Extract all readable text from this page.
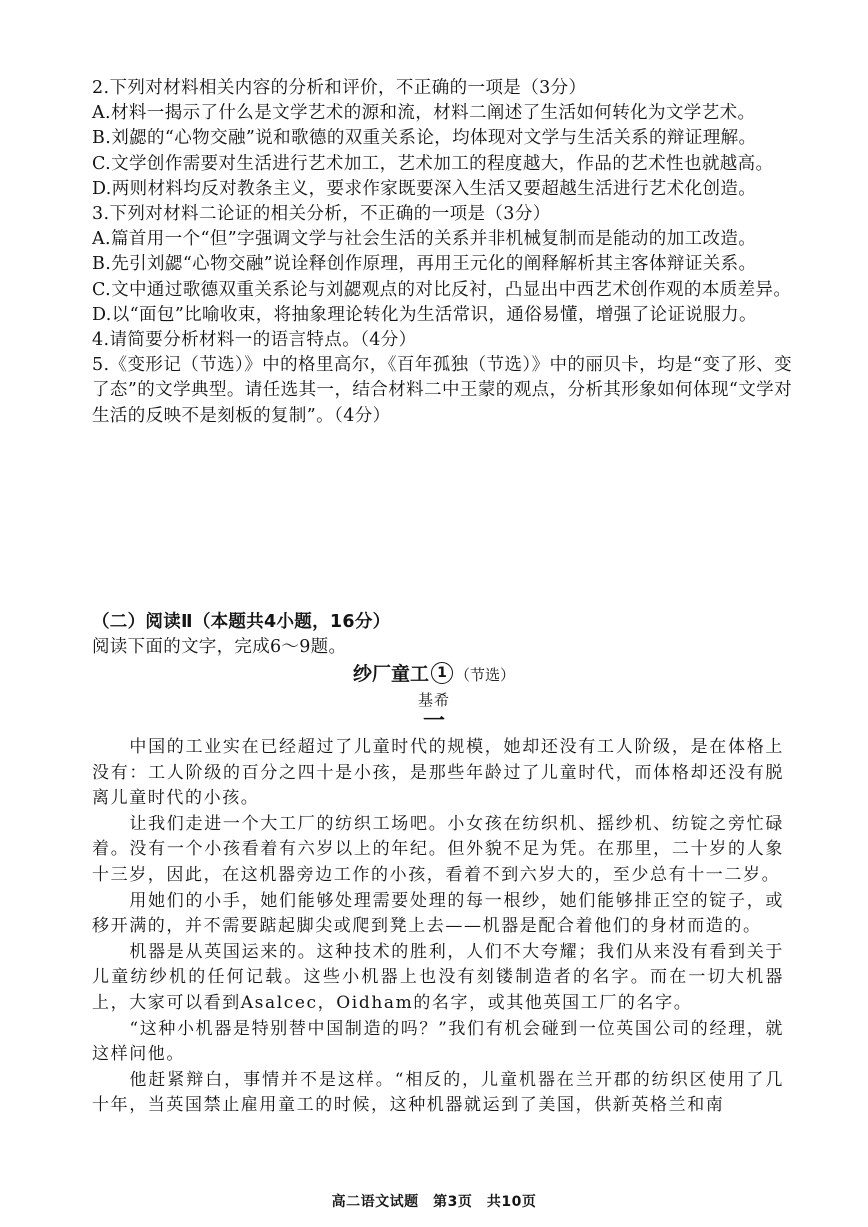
2.下列对材料相关内容的分析和评价，不正确的一项是（3分）

A.材料一揭示了什么是文学艺术的源和流，材料二阐述了生活如何转化为文学艺术。

B.刘勰的“心物交融”说和歌德的双重关系论，均体现对文学与生活关系的辩证理解。

C.文学创作需要对生活进行艺术加工，艺术加工的程度越大，作品的艺术性也就越高。

D.两则材料均反对教条主义，要求作家既要深入生活又要超越生活进行艺术化创造。

3.下列对材料二论证的相关分析，不正确的一项是（3分）

A.篇首用一个“但”字强调文学与社会生活的关系并非机械复制而是能动的加工改造。

B.先引刘勰“心物交融”说诠释创作原理，再用王元化的阐释解析其主客体辩证关系。

C.文中通过歌德双重关系论与刘勰观点的对比反衬，凸显出中西艺术创作观的本质差异。

D.以“面包”比喻收束，将抽象理论转化为生活常识，通俗易懂，增强了论证说服力。

4.请简要分析材料一的语言特点。（4分）

5.《变形记（节选）》中的格里高尔，《百年孤独（节选）》中的丽贝卡，均是“变了形、变了态”的文学典型。请任选其一，结合材料二中王蒙的观点，分析其形象如何体现“文学对生活的反映不是刻板的复制”。（4分）

（二）阅读Ⅱ（本题共4小题，16分）

阅读下面的文字，完成6～9题。

纱厂童工 1 （节选）
基希
一

中国的工业实在已经超过了儿童时代的规模，她却还没有工人阶级，是在体格上没有：工人阶级的百分之四十是小孩，是那些年龄过了儿童时代，而体格却还没有脱离儿童时代的小孩。

让我们走进一个大工厂的纺织工场吧。小女孩在纺织机、摇纱机、纺锭之旁忙碌着。没有一个小孩看着有六岁以上的年纪。但外貌不足为凭。在那里，二十岁的人象十三岁，因此，在这机器旁边工作的小孩，看着不到六岁大的，至少总有十一二岁。

用她们的小手，她们能够处理需要处理的每一根纱，她们能够排正空的锭子，或移开满的，并不需要踮起脚尖或爬到凳上去——机器是配合着他们的身材而造的。

机器是从英国运来的。这种技术的胜利，人们不大夸耀；我们从来没有看到关于儿童纺纱机的任何记载。这些小机器上也没有刻镂制造者的名字。而在一切大机器上，大家可以看到Asalcec，Oidham的名字，或其他英国工厂的名字。

“这种小机器是特别替中国制造的吗？”我们有机会碰到一位英国公司的经理，就这样问他。

他赶紧辩白，事情并不是这样。“相反的，儿童机器在兰开郡的纺织区使用了几十年，当英国禁止雇用童工的时候，这种机器就运到了美国，供新英格兰和南

高二语文试题　第3页　共10页
